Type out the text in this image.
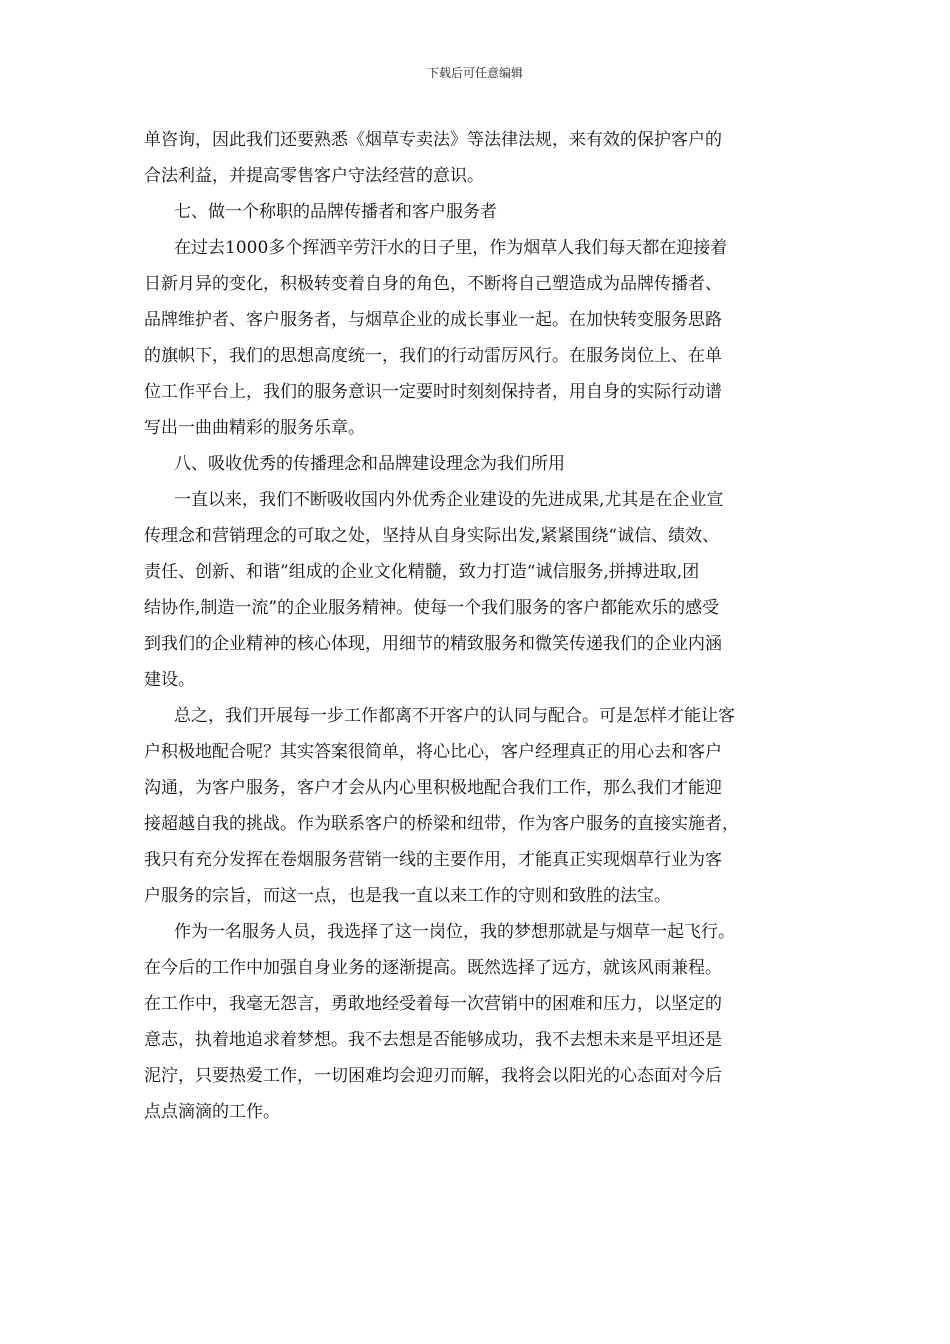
下载后可任意编辑
单咨询，因此我们还要熟悉《烟草专卖法》等法律法规，来有效的保护客户的
合法利益，并提高零售客户守法经营的意识。
七、做一个称职的品牌传播者和客户服务者
在过去1000多个挥洒辛劳汗水的日子里，作为烟草人我们每天都在迎接着
日新月异的变化，积极转变着自身的角色，不断将自己塑造成为品牌传播者、
品牌维护者、客户服务者，与烟草企业的成长事业一起。在加快转变服务思路
的旗帜下，我们的思想高度统一，我们的行动雷厉风行。在服务岗位上、在单
位工作平台上，我们的服务意识一定要时时刻刻保持者，用自身的实际行动谱
写出一曲曲精彩的服务乐章。
八、吸收优秀的传播理念和品牌建设理念为我们所用
一直以来，我们不断吸收国内外优秀企业建设的先进成果,尤其是在企业宣
传理念和营销理念的可取之处，坚持从自身实际出发,紧紧围绕“诚信、绩效、
责任、创新、和谐”组成的企业文化精髓，致力打造“诚信服务,拼搏进取,团
结协作,制造一流”的企业服务精神。使每一个我们服务的客户都能欢乐的感受
到我们的企业精神的核心体现，用细节的精致服务和微笑传递我们的企业内涵
建设。
总之，我们开展每一步工作都离不开客户的认同与配合。可是怎样才能让客
户积极地配合呢？其实答案很简单，将心比心，客户经理真正的用心去和客户
沟通，为客户服务，客户才会从内心里积极地配合我们工作，那么我们才能迎
接超越自我的挑战。作为联系客户的桥梁和纽带，作为客户服务的直接实施者，
我只有充分发挥在卷烟服务营销一线的主要作用，才能真正实现烟草行业为客
户服务的宗旨，而这一点，也是我一直以来工作的守则和致胜的法宝。
作为一名服务人员，我选择了这一岗位，我的梦想那就是与烟草一起飞行。
在今后的工作中加强自身业务的逐渐提高。既然选择了远方，就该风雨兼程。
在工作中，我毫无怨言，勇敢地经受着每一次营销中的困难和压力，以坚定的
意志，执着地追求着梦想。我不去想是否能够成功，我不去想未来是平坦还是
泥泞，只要热爱工作，一切困难均会迎刃而解，我将会以阳光的心态面对今后
点点滴滴的工作。
